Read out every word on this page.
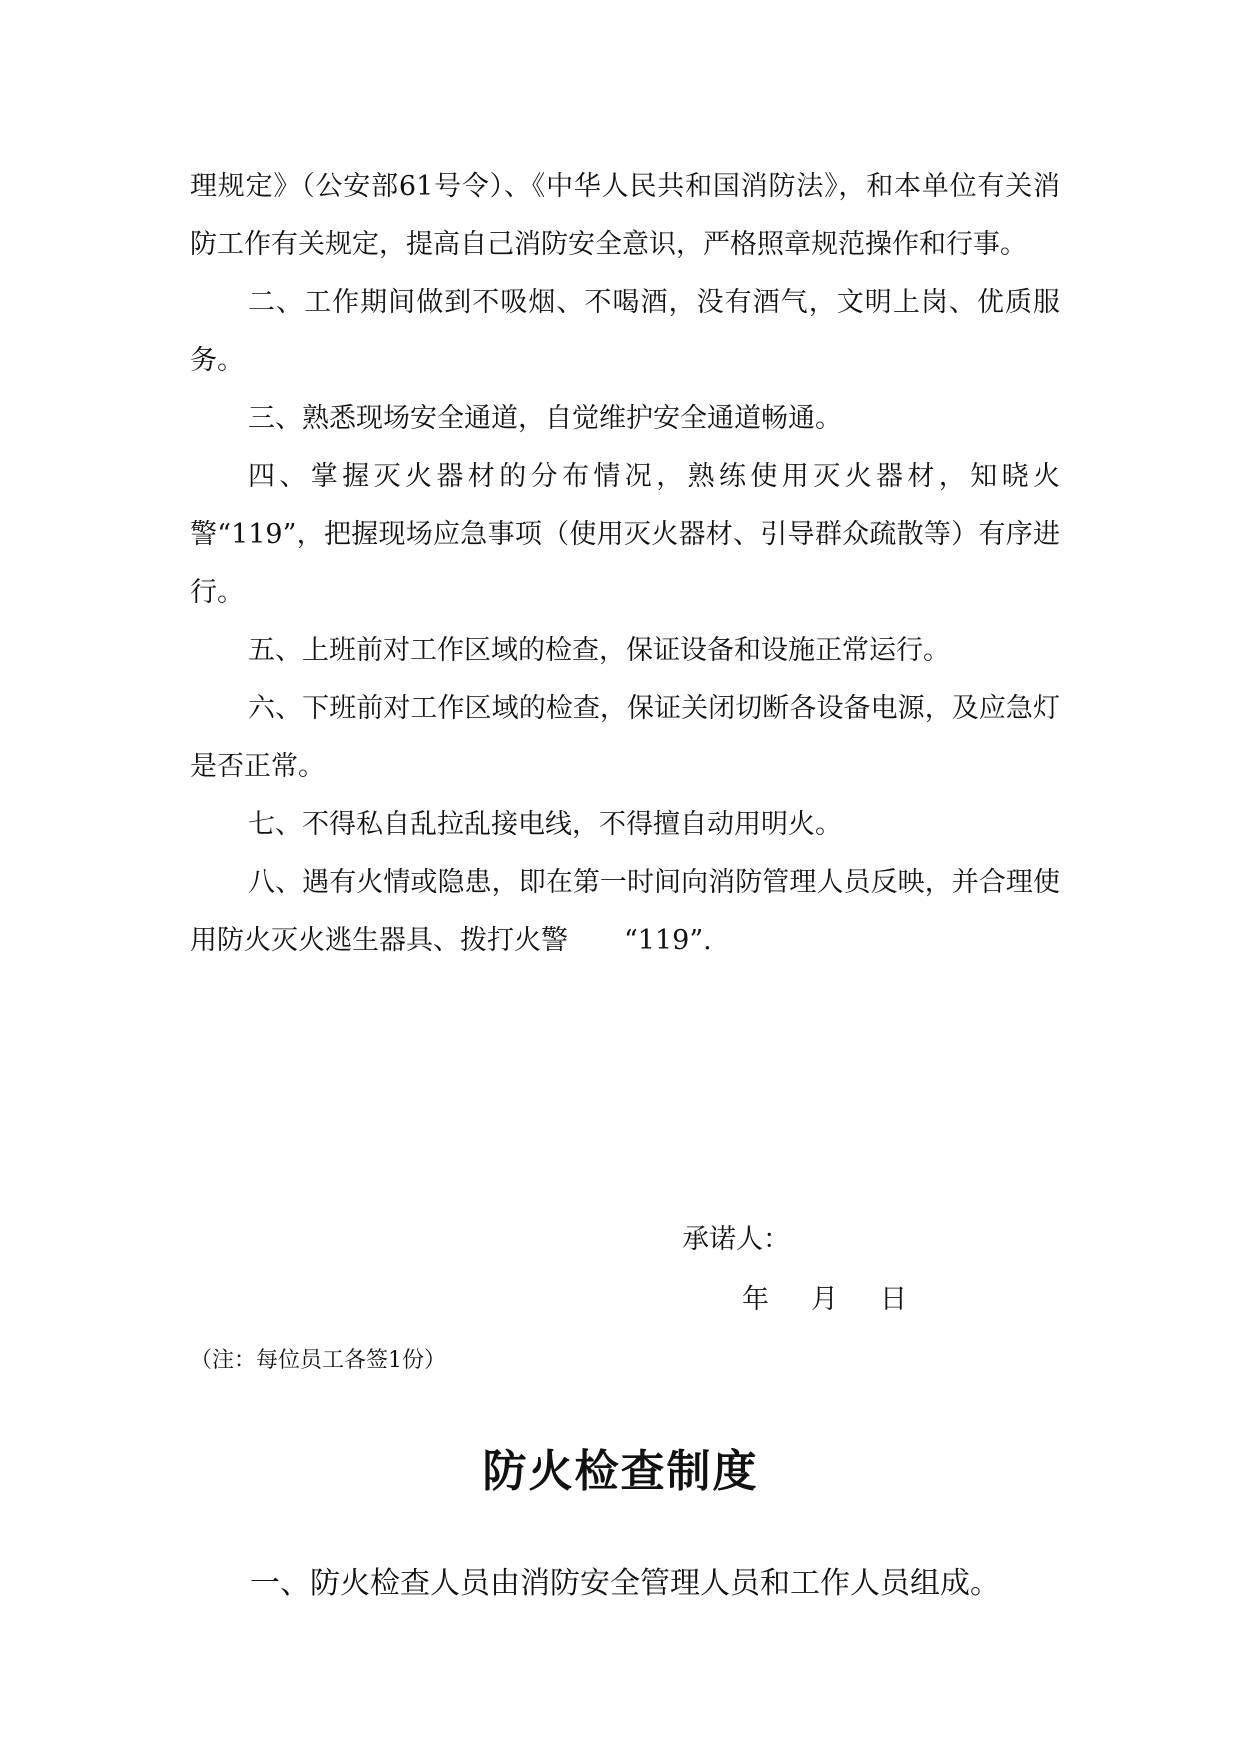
理规定》（公安部61号令）、《中华人民共和国消防法》，和本单位有关消防工作有关规定，提高自己消防安全意识，严格照章规范操作和行事。

二、工作期间做到不吸烟、不喝酒，没有酒气，文明上岗、优质服务。

三、熟悉现场安全通道，自觉维护安全通道畅通。

四、掌握灭火器材的分布情况，熟练使用灭火器材，知晓火警“119”，把握现场应急事项（使用灭火器材、引导群众疏散等）有序进行。

五、上班前对工作区域的检查，保证设备和设施正常运行。

六、下班前对工作区域的检查，保证关闭切断各设备电源，及应急灯是否正常。

七、不得私自乱拉乱接电线，不得擅自动用明火。

八、遇有火情或隐患，即在第一时间向消防管理人员反映，并合理使用防火灭火逃生器具、拨打火警 “119”.

承诺人：
年 月 日
（注：每位员工各签1份）
防火检查制度
一、防火检查人员由消防安全管理人员和工作人员组成。
